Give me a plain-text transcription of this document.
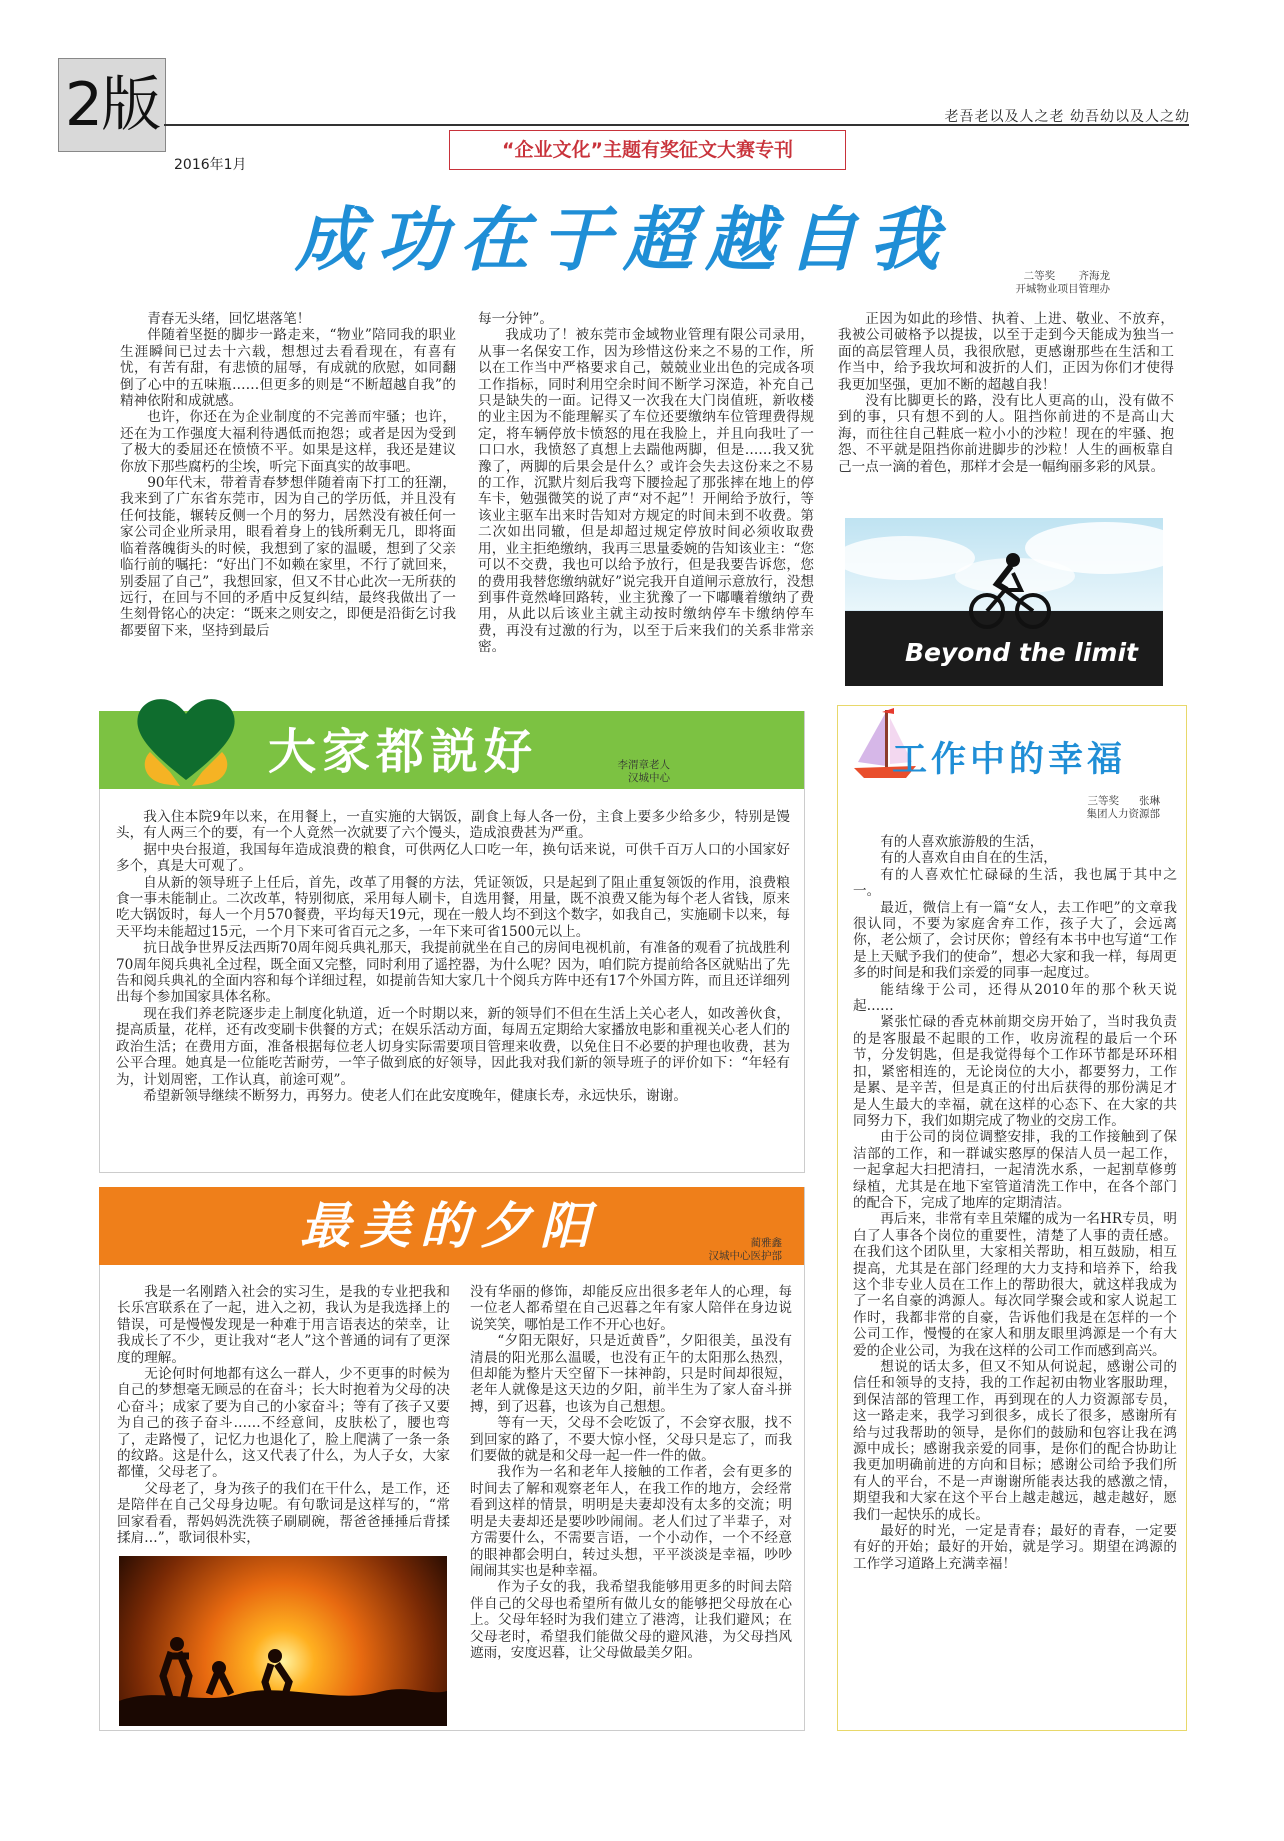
2版	老吾老以及人之老 幼吾幼以及人之幼
2016年1月
“企业文化”主题有奖征文大赛专刊
成功在于超越自我	二等奖 齐海龙
开城物业项目管理办

青春无头绪，回忆堪落笔！

伴随着坚挺的脚步一路走来，“物业”陪同我的职业生涯瞬间已过去十六载，想想过去看看现在，有喜有忧，有苦有甜，有悲愤的屈辱，有成就的欣慰，如同翻倒了心中的五味瓶……但更多的则是“不断超越自我”的精神依附和成就感。

也许，你还在为企业制度的不完善而牢骚；也许，还在为工作强度大福利待遇低而抱怨；或者是因为受到了极大的委屈还在愤愤不平。如果是这样，我还是建议你放下那些腐朽的尘埃，听完下面真实的故事吧。

90年代末，带着青春梦想伴随着南下打工的狂潮，我来到了广东省东莞市，因为自己的学历低，并且没有任何技能，辗转反侧一个月的努力，居然没有被任何一家公司企业所录用，眼看着身上的钱所剩无几，即将面临着落魄街头的时候，我想到了家的温暖，想到了父亲临行前的嘱托：“好出门不如赖在家里，不行了就回来，别委屈了自己”，我想回家，但又不甘心此次一无所获的远行，在回与不回的矛盾中反复纠结，最终我做出了一生刻骨铭心的决定：“既来之则安之，即便是沿街乞讨我都要留下来，坚持到最后

每一分钟”。

我成功了！被东莞市金域物业管理有限公司录用，从事一名保安工作，因为珍惜这份来之不易的工作，所以在工作当中严格要求自己，兢兢业业出色的完成各项工作指标，同时利用空余时间不断学习深造，补充自己只是缺失的一面。记得又一次我在大门岗值班，新收楼的业主因为不能理解买了车位还要缴纳车位管理费得规定，将车辆停放卡愤怒的甩在我脸上，并且向我吐了一口口水，我愤怒了真想上去踹他两脚，但是……我又犹豫了，两脚的后果会是什么？或许会失去这份来之不易的工作，沉默片刻后我弯下腰捡起了那张摔在地上的停车卡，勉强微笑的说了声“对不起”！开闸给予放行，等该业主驱车出来时告知对方规定的时间未到不收费。第二次如出同辙，但是却超过规定停放时间必须收取费用，业主拒绝缴纳，我再三思量委婉的告知该业主：“您可以不交费，我也可以给予放行，但是我要告诉您，您的费用我替您缴纳就好”说完我开自道闸示意放行，没想到事件竟然峰回路转，业主犹豫了一下嘟囔着缴纳了费用，从此以后该业主就主动按时缴纳停车卡缴纳停车费，再没有过激的行为，以至于后来我们的关系非常亲密。

正因为如此的珍惜、执着、上进、敬业、不放弃，我被公司破格予以提拔，以至于走到今天能成为独当一面的高层管理人员，我很欣慰，更感谢那些在生活和工作当中，给予我坎坷和波折的人们，正因为你们才使得我更加坚强，更加不断的超越自我！

没有比脚更长的路，没有比人更高的山，没有做不到的事，只有想不到的人。阻挡你前进的不是高山大海，而往往自己鞋底一粒小小的沙粒！现在的牢骚、抱怨、不平就是阻挡你前进脚步的沙粒！人生的画板靠自己一点一滴的着色，那样才会是一幅绚丽多彩的风景。

Beyond the limit
大家都説好	李渭章老人
汉城中心

我入住本院9年以来，在用餐上，一直实施的大锅饭，副食上每人各一份，主食上要多少给多少，特别是馒头，有人两三个的要，有一个人竟然一次就要了六个馒头，造成浪费甚为严重。

据中央台报道，我国每年造成浪费的粮食，可供两亿人口吃一年，换句话来说，可供千百万人口的小国家好多个，真是大可观了。

自从新的领导班子上任后，首先，改革了用餐的方法，凭证领饭，只是起到了阻止重复领饭的作用，浪费粮食一事未能制止。二次改革，特别彻底，采用每人刷卡，自选用餐，用量，既不浪费又能为每个老人省钱，原来吃大锅饭时，每人一个月570餐费，平均每天19元，现在一般人均不到这个数字，如我自己，实施刷卡以来，每天平均未能超过15元，一个月下来可省百元之多，一年下来可省1500元以上。

抗日战争世界反法西斯70周年阅兵典礼那天，我提前就坐在自己的房间电视机前，有准备的观看了抗战胜利70周年阅兵典礼全过程，既全面又完整，同时利用了遥控器，为什么呢？因为，咱们院方提前给各区就贴出了先告和阅兵典礼的全面内容和每个详细过程，如提前告知大家几十个阅兵方阵中还有17个外国方阵，而且还详细列出每个参加国家具体名称。

现在我们养老院逐步走上制度化轨道，近一个时期以来，新的领导们不但在生活上关心老人，如改善伙食，提高质量，花样，还有改变刷卡供餐的方式；在娱乐活动方面，每周五定期给大家播放电影和重视关心老人们的政治生活；在费用方面，准备根据每位老人切身实际需要项目管理来收费，以免住日不必要的护理也收费，甚为公平合理。她真是一位能吃苦耐劳，一竿子做到底的好领导，因此我对我们新的领导班子的评价如下：“年轻有为，计划周密，工作认真，前途可观”。

希望新领导继续不断努力，再努力。使老人们在此安度晚年，健康长寿，永远快乐，谢谢。

最美的夕阳	蔺雅鑫
汉城中心医护部

我是一名刚踏入社会的实习生，是我的专业把我和长乐宫联系在了一起，进入之初，我认为是我选择上的错误，可是慢慢发现是一种难于用言语表达的荣幸，让我成长了不少，更让我对“老人”这个普通的词有了更深度的理解。

无论何时何地都有这么一群人，少不更事的时候为自己的梦想毫无顾忌的在奋斗；长大时抱着为父母的决心奋斗；成家了要为自己的小家奋斗；等有了孩子又要为自己的孩子奋斗……不经意间，皮肤松了，腰也弯了，走路慢了，记忆力也退化了，脸上爬满了一条一条的纹路。这是什么，这又代表了什么，为人子女，大家都懂，父母老了。

父母老了，身为孩子的我们在干什么，是工作，还是陪伴在自己父母身边呢。有句歌词是这样写的，“常回家看看，帮妈妈洗洗筷子刷刷碗，帮爸爸捶捶后背揉揉肩…”，歌词很朴实，

没有华丽的修饰，却能反应出很多老年人的心理，每一位老人都希望在自己迟暮之年有家人陪伴在身边说说笑笑，哪怕是工作不开心也好。

“夕阳无限好，只是近黄昏”，夕阳很美，虽没有清晨的阳光那么温暖，也没有正午的太阳那么热烈，但却能为整片天空留下一抹神韵，只是时间却很短，老年人就像是这天边的夕阳，前半生为了家人奋斗拼搏，到了迟暮，也该为自己想想。

等有一天，父母不会吃饭了，不会穿衣服，找不到回家的路了，不要大惊小怪，父母只是忘了，而我们要做的就是和父母一起一件一件的做。

我作为一名和老年人接触的工作者，会有更多的时间去了解和观察老年人，在我工作的地方，会经常看到这样的情景，明明是夫妻却没有太多的交流；明明是夫妻却还是要吵吵闹闹。老人们过了半辈子，对方需要什么，不需要言语，一个小动作，一个不经意的眼神都会明白，转过头想，平平淡淡是幸福，吵吵闹闹其实也是种幸福。

作为子女的我，我希望我能够用更多的时间去陪伴自己的父母也希望所有做儿女的能够把父母放在心上。父母年轻时为我们建立了港湾，让我们避风；在父母老时，希望我们能做父母的避风港，为父母挡风遮雨，安度迟暮，让父母做最美夕阳。

工作中的幸福
三等奖 张琳
集团人力资源部

有的人喜欢旅游般的生活，

有的人喜欢自由自在的生活，

有的人喜欢忙忙碌碌的生活，我也属于其中之一。

最近，微信上有一篇“女人，去工作吧”的文章我很认同，不要为家庭舍弃工作，孩子大了，会远离你，老公烦了，会讨厌你；曾经有本书中也写道“工作是上天赋予我们的使命”，想必大家和我一样，每周更多的时间是和我们亲爱的同事一起度过。

能结缘于公司，还得从2010年的那个秋天说起……

紧张忙碌的香克林前期交房开始了，当时我负责的是客服最不起眼的工作，收房流程的最后一个环节，分发钥匙，但是我觉得每个工作环节都是环环相扣，紧密相连的，无论岗位的大小，都要努力，工作是累、是辛苦，但是真正的付出后获得的那份满足才是人生最大的幸福，就在这样的心态下、在大家的共同努力下，我们如期完成了物业的交房工作。

由于公司的岗位调整安排，我的工作接触到了保洁部的工作，和一群诚实憨厚的保洁人员一起工作，一起拿起大扫把清扫，一起清洗水系，一起割草修剪绿植，尤其是在地下室管道清洗工作中，在各个部门的配合下，完成了地库的定期清洁。

再后来，非常有幸且荣耀的成为一名HR专员，明白了人事各个岗位的重要性，清楚了人事的责任感。在我们这个团队里，大家相关帮助，相互鼓励，相互提高，尤其是在部门经理的大力支持和培养下，给我这个非专业人员在工作上的帮助很大，就这样我成为了一名自豪的鸿源人。每次同学聚会或和家人说起工作时，我都非常的自豪，告诉他们我是在怎样的一个公司工作，慢慢的在家人和朋友眼里鸿源是一个有大爱的企业公司，为我在这样的公司工作而感到高兴。

想说的话太多，但又不知从何说起，感谢公司的信任和领导的支持，我的工作起初由物业客服助理，到保洁部的管理工作，再到现在的人力资源部专员，这一路走来，我学习到很多，成长了很多，感谢所有给与过我帮助的领导，是你们的鼓励和包容让我在鸿源中成长；感谢我亲爱的同事，是你们的配合协助让我更加明确前进的方向和目标；感谢公司给予我们所有人的平台，不是一声谢谢所能表达我的感激之情，期望我和大家在这个平台上越走越远，越走越好，愿我们一起快乐的成长。

最好的时光，一定是青春；最好的青春，一定要有好的开始；最好的开始，就是学习。期望在鸿源的工作学习道路上充满幸福！
